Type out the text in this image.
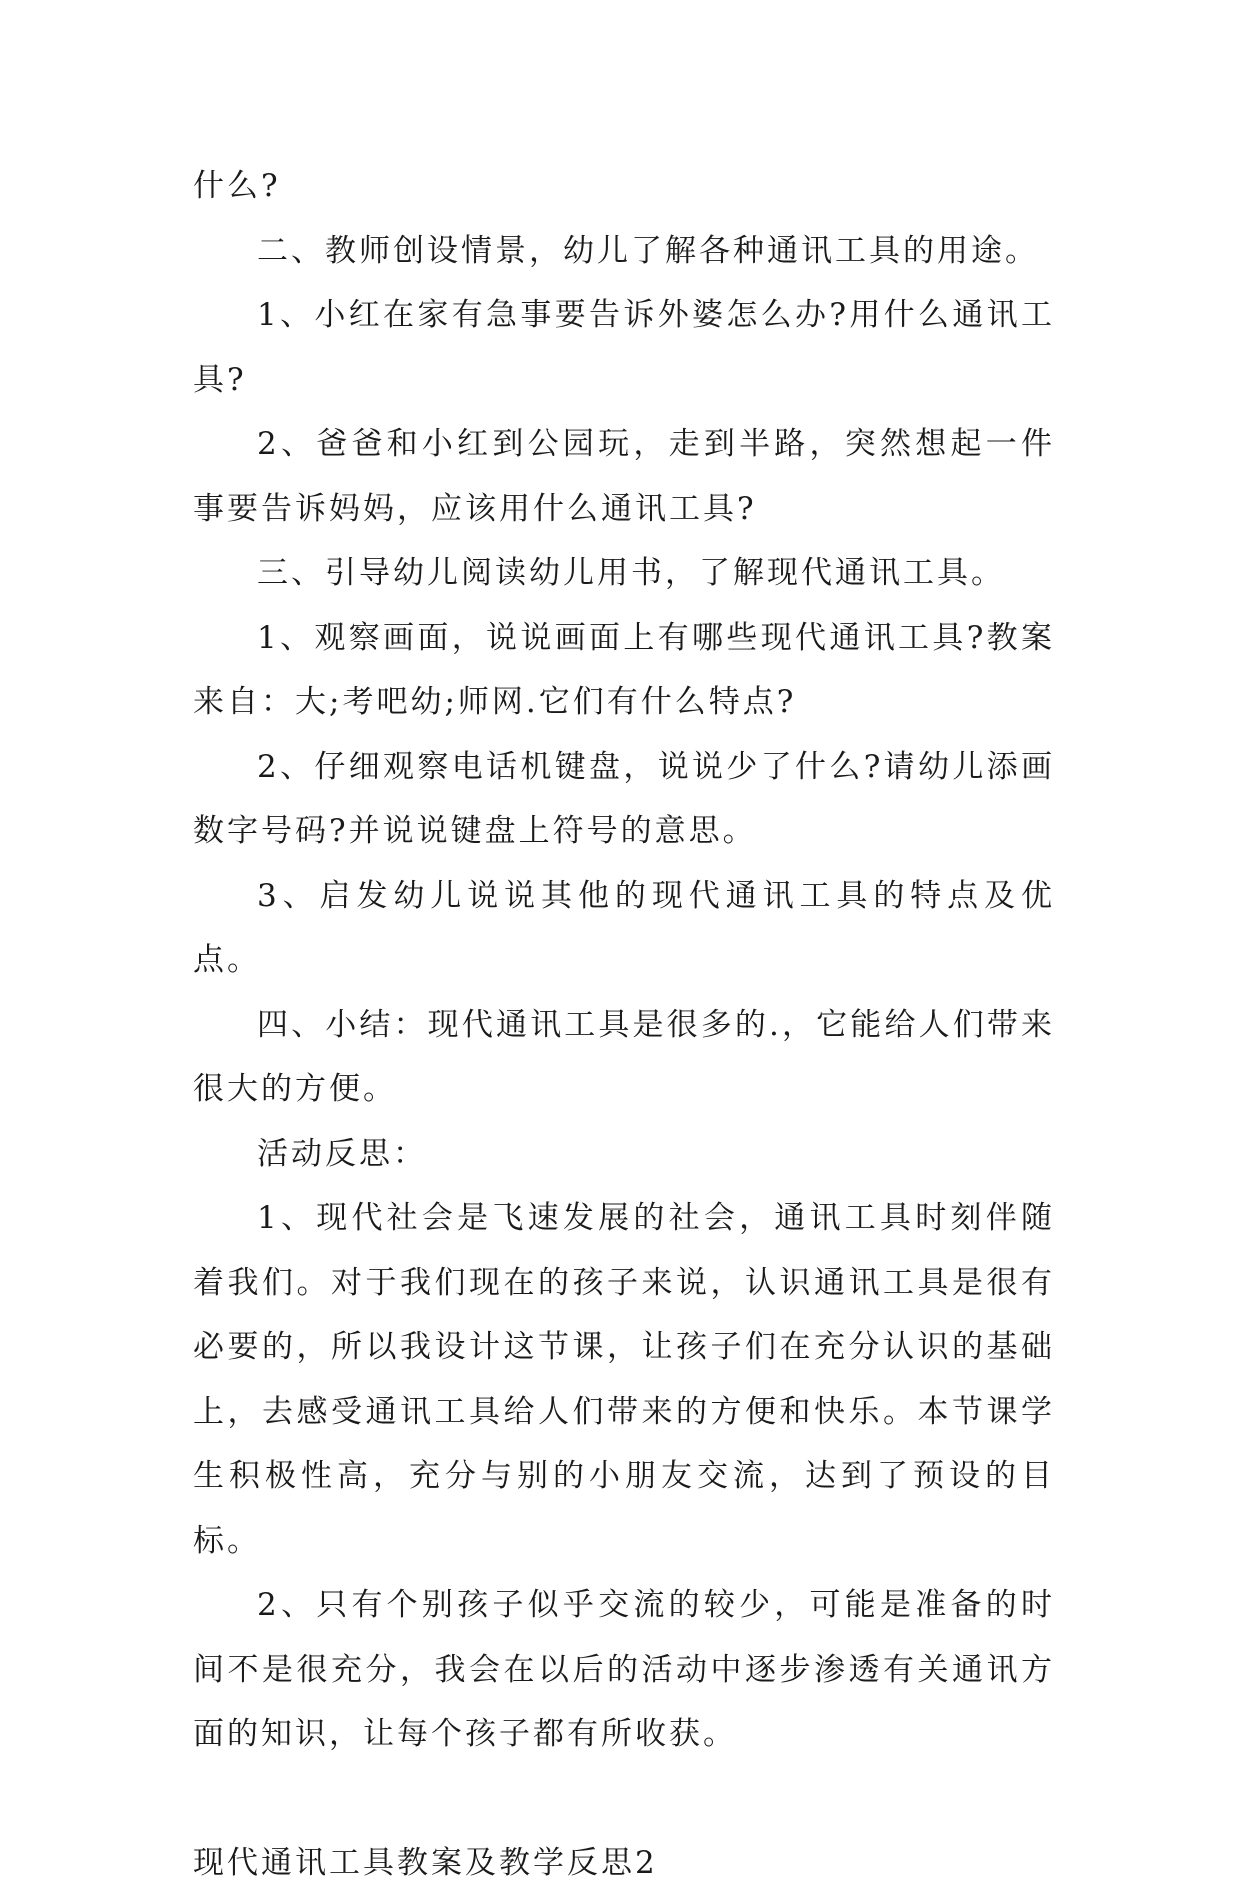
什么?

二、教师创设情景，幼儿了解各种通讯工具的用途。

1、小红在家有急事要告诉外婆怎么办?用什么通讯工具?

2、爸爸和小红到公园玩，走到半路，突然想起一件事要告诉妈妈，应该用什么通讯工具?

三、引导幼儿阅读幼儿用书，了解现代通讯工具。

1、观察画面，说说画面上有哪些现代通讯工具?教案来自：大;考吧幼;师网.它们有什么特点?

2、仔细观察电话机键盘，说说少了什么?请幼儿添画数字号码?并说说键盘上符号的意思。

3、启发幼儿说说其他的现代通讯工具的特点及优点。

四、小结：现代通讯工具是很多的.，它能给人们带来很大的方便。

活动反思：

1、现代社会是飞速发展的社会，通讯工具时刻伴随着我们。对于我们现在的孩子来说，认识通讯工具是很有必要的，所以我设计这节课，让孩子们在充分认识的基础上，去感受通讯工具给人们带来的方便和快乐。本节课学生积极性高，充分与别的小朋友交流，达到了预设的目标。

2、只有个别孩子似乎交流的较少，可能是准备的时间不是很充分，我会在以后的活动中逐步渗透有关通讯方面的知识，让每个孩子都有所收获。

现代通讯工具教案及教学反思2
